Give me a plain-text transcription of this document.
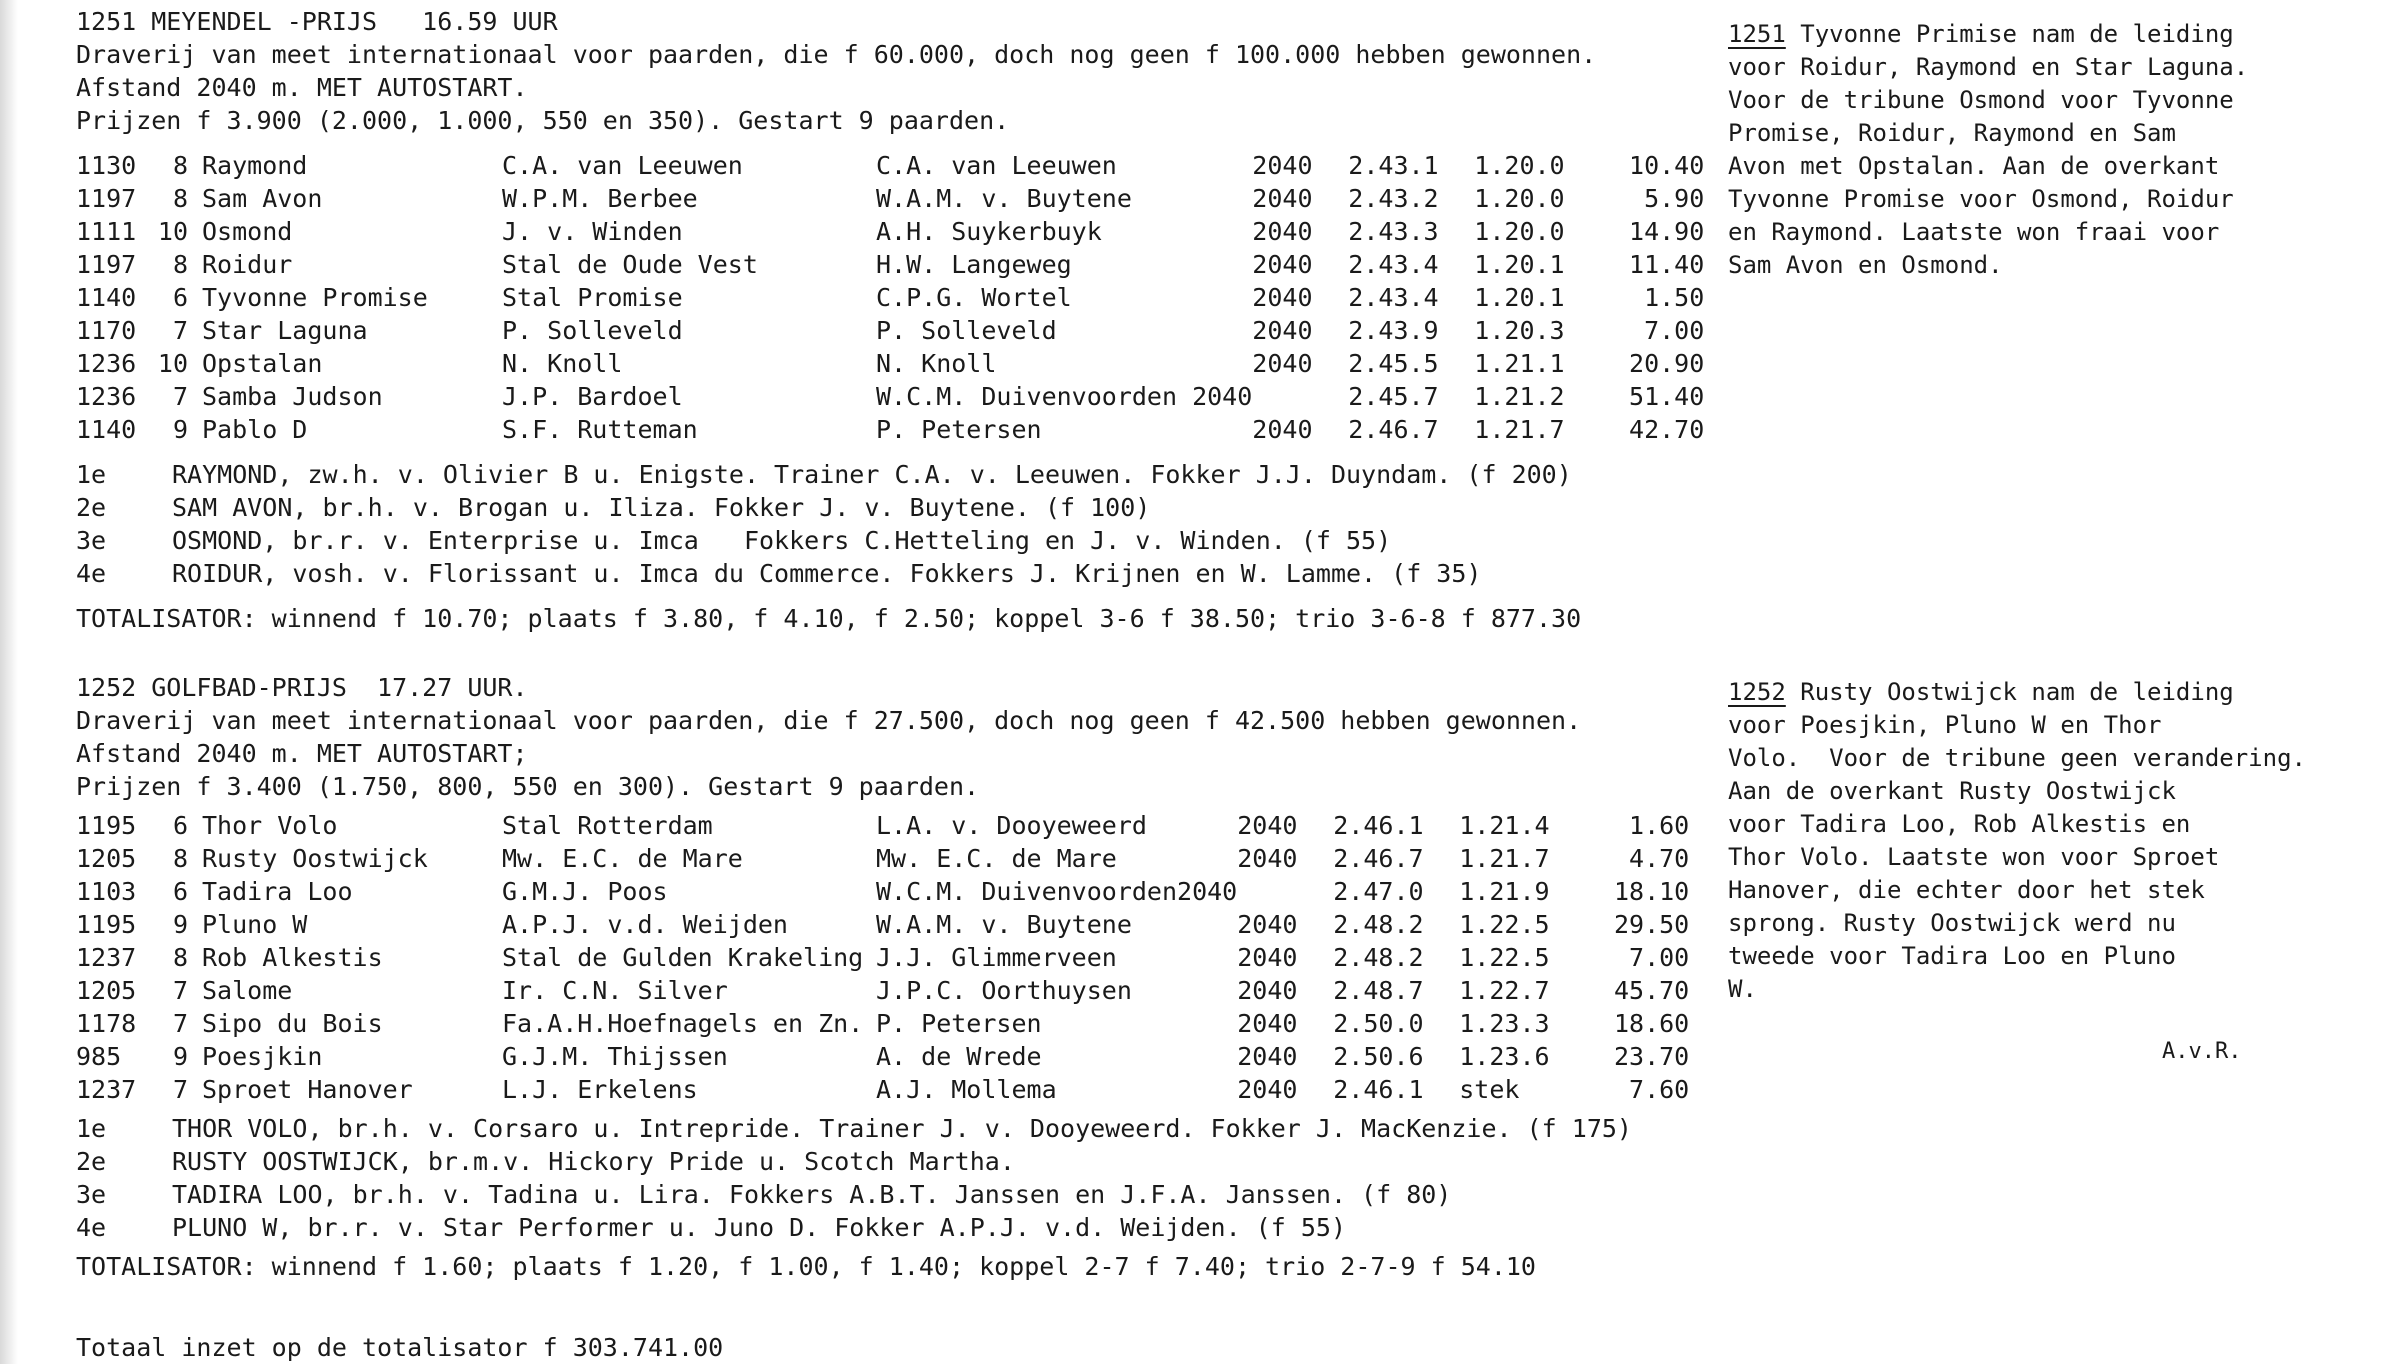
1251 MEYENDEL -PRIJS   16.59 UUR
Draverij van meet internationaal voor paarden, die f 60.000, doch nog geen f 100.000 hebben gewonnen.
Afstand 2040 m. MET AUTOSTART.
Prijzen f 3.900 (2.000, 1.000, 550 en 350). Gestart 9 paarden.
1130	8	Raymond	C.A. van Leeuwen	C.A. van Leeuwen	2040	2.43.1	1.20.0	10.40
1197	8	Sam Avon	W.P.M. Berbee	W.A.M. v. Buytene	2040	2.43.2	1.20.0	5.90
1111	10	Osmond	J. v. Winden	A.H. Suykerbuyk	2040	2.43.3	1.20.0	14.90
1197	8	Roidur	Stal de Oude Vest	H.W. Langeweg	2040	2.43.4	1.20.1	11.40
1140	6	Tyvonne Promise	Stal Promise	C.P.G. Wortel	2040	2.43.4	1.20.1	1.50
1170	7	Star Laguna	P. Solleveld	P. Solleveld	2040	2.43.9	1.20.3	7.00
1236	10	Opstalan	N. Knoll	N. Knoll	2040	2.45.5	1.21.1	20.90
1236	7	Samba Judson	J.P. Bardoel	W.C.M. Duivenvoorden 2040		2.45.7	1.21.2	51.40
1140	9	Pablo D	S.F. Rutteman	P. Petersen	2040	2.46.7	1.21.7	42.70
1e	RAYMOND, zw.h. v. Olivier B u. Enigste. Trainer C.A. v. Leeuwen. Fokker J.J. Duyndam. (f 200)
2e	SAM AVON, br.h. v. Brogan u. Iliza. Fokker J. v. Buytene. (f 100)
3e	OSMOND, br.r. v. Enterprise u. Imca   Fokkers C.Hetteling en J. v. Winden. (f 55)
4e	ROIDUR, vosh. v. Florissant u. Imca du Commerce. Fokkers J. Krijnen en W. Lamme. (f 35)
TOTALISATOR: winnend f 10.70; plaats f 3.80, f 4.10, f 2.50; koppel 3-6 f 38.50; trio 3-6-8 f 877.30
1251 Tyvonne Primise nam de leiding
voor Roidur, Raymond en Star Laguna.
Voor de tribune Osmond voor Tyvonne
Promise, Roidur, Raymond en Sam
Avon met Opstalan. Aan de overkant
Tyvonne Promise voor Osmond, Roidur
en Raymond. Laatste won fraai voor
Sam Avon en Osmond.
1252 GOLFBAD-PRIJS  17.27 UUR.
Draverij van meet internationaal voor paarden, die f 27.500, doch nog geen f 42.500 hebben gewonnen.
Afstand 2040 m. MET AUTOSTART;
Prijzen f 3.400 (1.750, 800, 550 en 300). Gestart 9 paarden.
1195	6	Thor Volo	Stal Rotterdam	L.A. v. Dooyeweerd	2040	2.46.1	1.21.4	1.60
1205	8	Rusty Oostwijck	Mw. E.C. de Mare	Mw. E.C. de Mare	2040	2.46.7	1.21.7	4.70
1103	6	Tadira Loo	G.M.J. Poos	W.C.M. Duivenvoorden2040		2.47.0	1.21.9	18.10
1195	9	Pluno W	A.P.J. v.d. Weijden	W.A.M. v. Buytene	2040	2.48.2	1.22.5	29.50
1237	8	Rob Alkestis	Stal de Gulden Krakeling	J.J. Glimmerveen	2040	2.48.2	1.22.5	7.00
1205	7	Salome	Ir. C.N. Silver	J.P.C. Oorthuysen	2040	2.48.7	1.22.7	45.70
1178	7	Sipo du Bois	Fa.A.H.Hoefnagels en Zn.	P. Petersen	2040	2.50.0	1.23.3	18.60
985	9	Poesjkin	G.J.M. Thijssen	A. de Wrede	2040	2.50.6	1.23.6	23.70
1237	7	Sproet Hanover	L.J. Erkelens	A.J. Mollema	2040	2.46.1	stek	7.60
1e	THOR VOLO, br.h. v. Corsaro u. Intrepride. Trainer J. v. Dooyeweerd. Fokker J. MacKenzie. (f 175)
2e	RUSTY OOSTWIJCK, br.m.v. Hickory Pride u. Scotch Martha.
3e	TADIRA LOO, br.h. v. Tadina u. Lira. Fokkers A.B.T. Janssen en J.F.A. Janssen. (f 80)
4e	PLUNO W, br.r. v. Star Performer u. Juno D. Fokker A.P.J. v.d. Weijden. (f 55)
TOTALISATOR: winnend f 1.60; plaats f 1.20, f 1.00, f 1.40; koppel 2-7 f 7.40; trio 2-7-9 f 54.10
1252 Rusty Oostwijck nam de leiding
voor Poesjkin, Pluno W en Thor
Volo.  Voor de tribune geen verandering.
Aan de overkant Rusty Oostwijck
voor Tadira Loo, Rob Alkestis en
Thor Volo. Laatste won voor Sproet
Hanover, die echter door het stek
sprong. Rusty Oostwijck werd nu
tweede voor Tadira Loo en Pluno
W.
A.v.R.
Totaal inzet op de totalisator f 303.741.00
